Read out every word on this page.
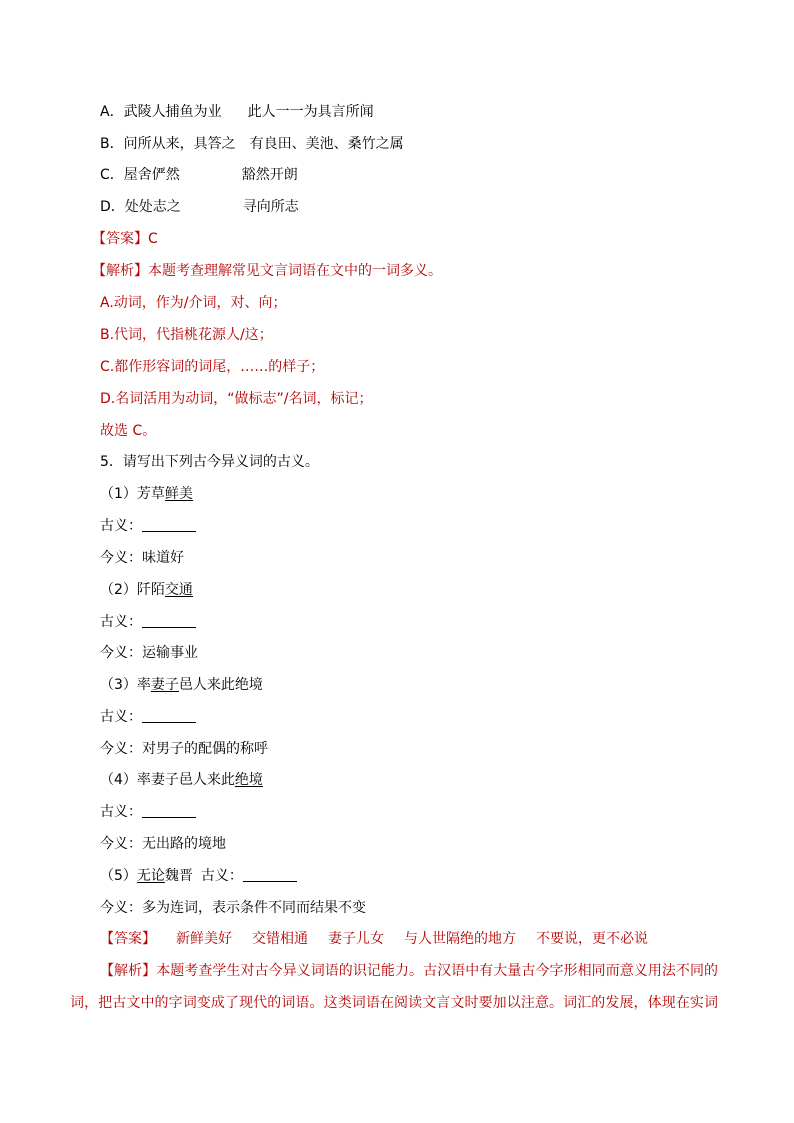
A．武陵人捕鱼为业 此人一一为具言所闻
B．问所从来，具答之 有良田、美池、桑竹之属
C．屋舍俨然	豁然开朗
D．处处志之	寻向所志
【答案】C
【解析】本题考查理解常见文言词语在文中的一词多义。
A.动词，作为/介词，对、向；
B.代词，代指桃花源人/这；
C.都作形容词的词尾，……的样子；
D.名词活用为动词，“做标志”/名词，标记；
故选 C。
5．请写出下列古今异义词的古义。
（1）芳草鲜美
古义：
今义：味道好
（2）阡陌交通
古义：
今义：运输事业
（3）率妻子邑人来此绝境
古义：
今义：对男子的配偶的称呼
（4）率妻子邑人来此绝境
古义：
今义：无出路的境地
（5）无论魏晋 古义：
今义：多为连词，表示条件不同而结果不变
【答案】 新鲜美好 交错相通 妻子儿女 与人世隔绝的地方 不要说，更不必说
【解析】本题考查学生对古今异义词语的识记能力。古汉语中有大量古今字形相同而意义用法不同的
词，把古文中的字词变成了现代的词语。这类词语在阅读文言文时要加以注意。词汇的发展，体现在实词
